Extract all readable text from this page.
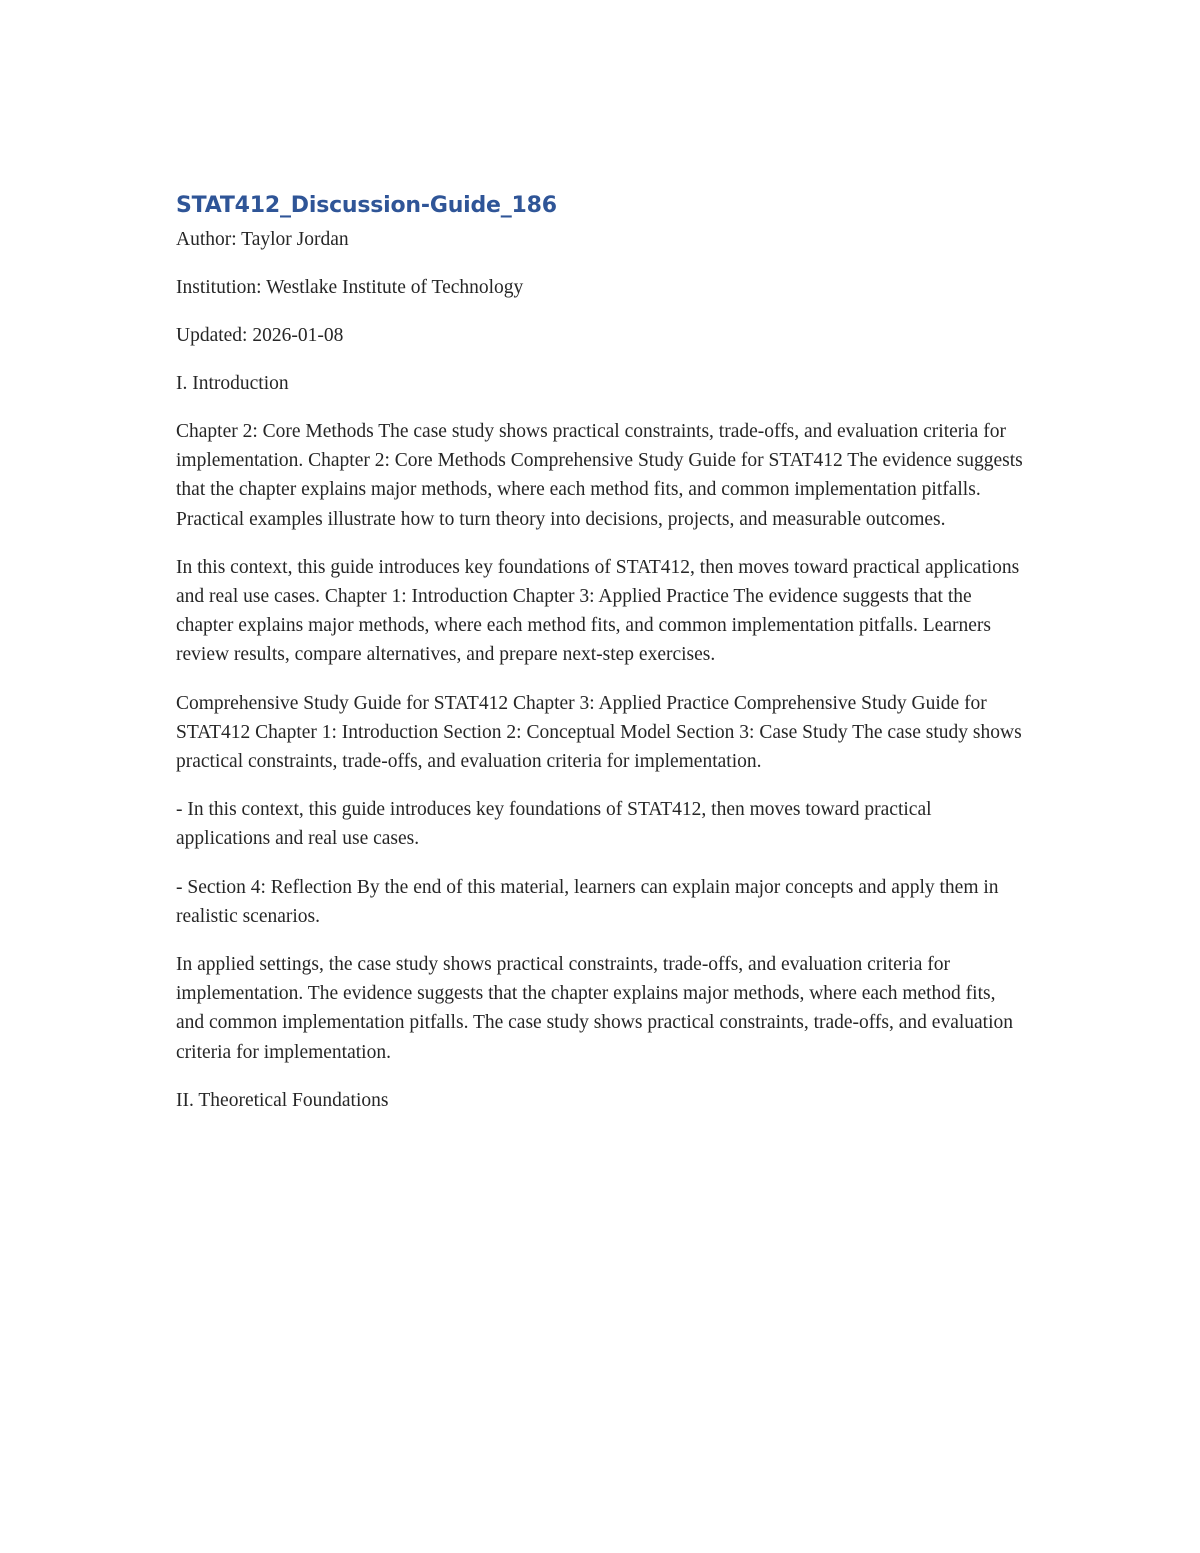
STAT412_Discussion-Guide_186

Author: Taylor Jordan

Institution: Westlake Institute of Technology

Updated: 2026-01-08

I. Introduction

Chapter 2: Core Methods The case study shows practical constraints, trade-offs, and evaluation criteria for implementation. Chapter 2: Core Methods Comprehensive Study Guide for STAT412 The evidence suggests that the chapter explains major methods, where each method fits, and common implementation pitfalls. Practical examples illustrate how to turn theory into decisions, projects, and measurable outcomes.

In this context, this guide introduces key foundations of STAT412, then moves toward practical applications and real use cases. Chapter 1: Introduction Chapter 3: Applied Practice The evidence suggests that the chapter explains major methods, where each method fits, and common implementation pitfalls. Learners review results, compare alternatives, and prepare next-step exercises.

Comprehensive Study Guide for STAT412 Chapter 3: Applied Practice Comprehensive Study Guide for STAT412 Chapter 1: Introduction Section 2: Conceptual Model Section 3: Case Study The case study shows practical constraints, trade-offs, and evaluation criteria for implementation.

- In this context, this guide introduces key foundations of STAT412, then moves toward practical applications and real use cases.

- Section 4: Reflection By the end of this material, learners can explain major concepts and apply them in realistic scenarios.

In applied settings, the case study shows practical constraints, trade-offs, and evaluation criteria for implementation. The evidence suggests that the chapter explains major methods, where each method fits, and common implementation pitfalls. The case study shows practical constraints, trade-offs, and evaluation criteria for implementation.

II. Theoretical Foundations
